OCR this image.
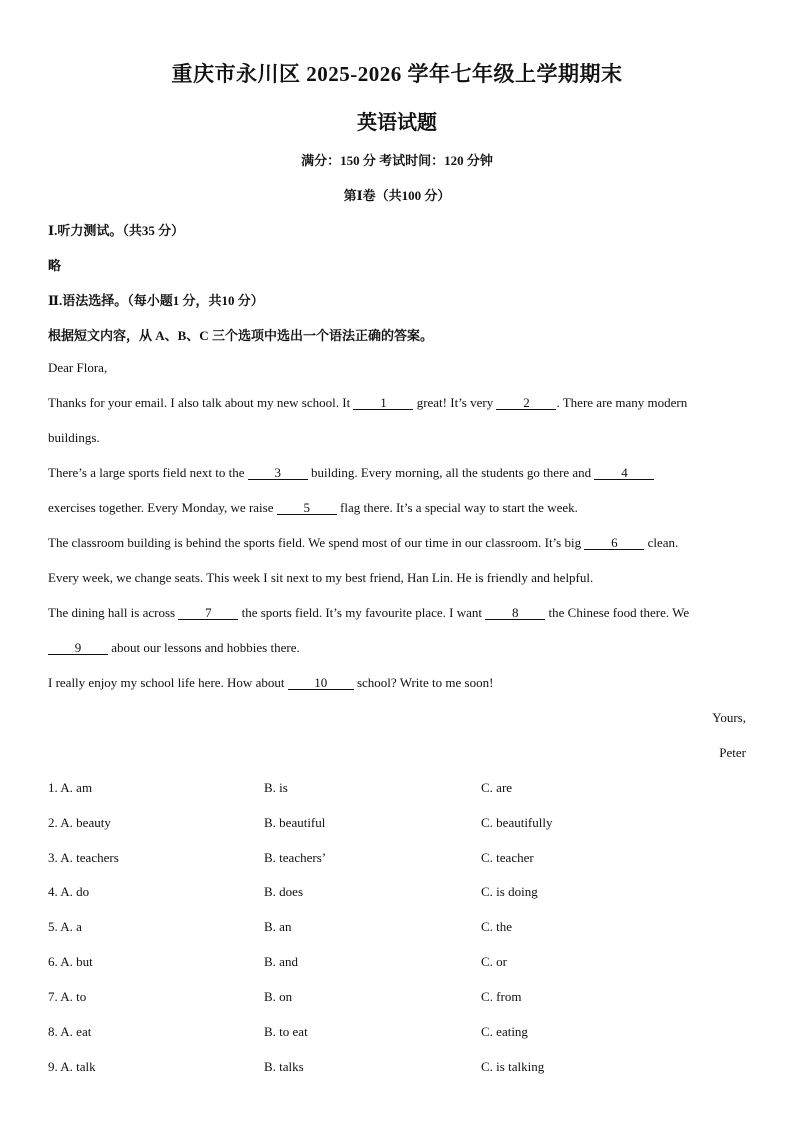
重庆市永川区 2025-2026 学年七年级上学期期末
英语试题
满分：150 分 考试时间：120 分钟
第Ⅰ卷（共100 分）
Ⅰ.听力测试。（共35 分）
略
Ⅱ.语法选择。（每小题1 分，共10 分）
根据短文内容，从 A、B、C 三个选项中选出一个语法正确的答案。
Dear Flora,
Thanks for your email. I also talk about my new school. It 1 great! It’s very 2 . There are many modern
buildings.
There’s a large sports field next to the 3 building. Every morning, all the students go there and 4
exercises together. Every Monday, we raise 5 flag there. It’s a special way to start the week.
The classroom building is behind the sports field. We spend most of our time in our classroom. It’s big 6 clean.
Every week, we change seats. This week I sit next to my best friend, Han Lin. He is friendly and helpful.
The dining hall is across 7 the sports field. It’s my favourite place. I want 8 the Chinese food there. We
9 about our lessons and hobbies there.
I really enjoy my school life here. How about 10 school? Write to me soon!
Yours,
Peter
1. A. am	B. is	C. are
2. A. beauty	B. beautiful	C. beautifully
3. A. teachers	B. teachers’	C. teacher
4. A. do	B. does	C. is doing
5. A. a	B. an	C. the
6. A. but	B. and	C. or
7. A. to	B. on	C. from
8. A. eat	B. to eat	C. eating
9. A. talk	B. talks	C. is talking
